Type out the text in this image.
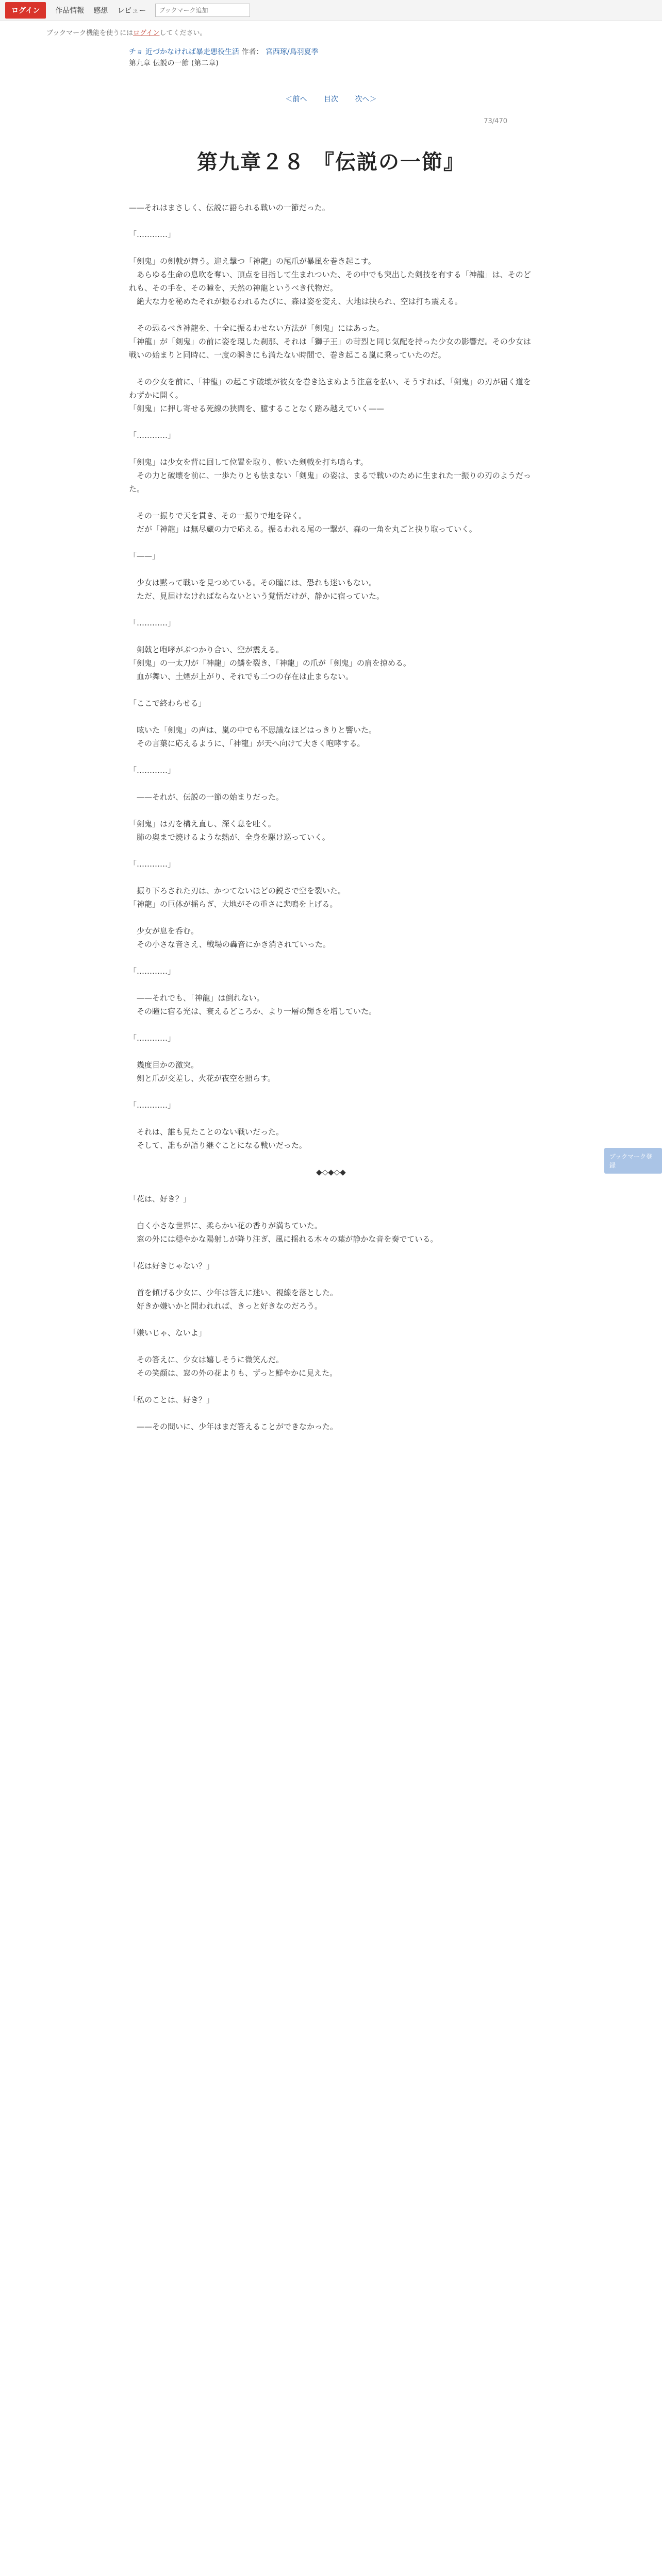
ログイン	作品情報 感想 レビュー
ブックマーク追加
ブックマーク機能を使うにはログインしてください。
チョ 近づかなければ暴走悪役生活 作者： 宮西琢/鳥羽夏季
第九章 伝説の一節 (第二章)
＜前へ 目次 次へ＞
73/470
第九章２８ 『伝説の一節』

——それはまさしく、伝説に語られる戦いの一節だった。

「…………」

「剣鬼」の剣戟が舞う。迎え撃つ「神龍」の尾爪が暴風を巻き起こす。

　あらゆる生命の息吹を奪い、頂点を目指して生まれついた、その中でも突出した剣技を有する「神龍」は、そのどれも、その手を、その瞳を、天然の神龍というべき代物だ。

　絶大な力を秘めたそれが振るわれるたびに、森は姿を変え、大地は抉られ、空は打ち震える。

　その恐るべき神龍を、十全に振るわせない方法が「剣鬼」にはあった。

「神龍」が「剣鬼」の前に姿を現した刹那、それは「獅子王」の苛烈と同じ気配を持った少女の影響だ。その少女は戦いの始まりと同時に、一度の瞬きにも満たない時間で、巻き起こる嵐に乗っていたのだ。

　その少女を前に、「神龍」の起こす破壊が彼女を巻き込まぬよう注意を払い、そうすれば、「剣鬼」の刃が届く道をわずかに開く。

「剣鬼」に押し寄せる死線の狭間を、臆することなく踏み越えていく——

「…………」

「剣鬼」は少女を背に回して位置を取り、乾いた剣戟を打ち鳴らす。

　その力と破壊を前に、一歩たりとも怯まない「剣鬼」の姿は、まるで戦いのために生まれた一振りの刃のようだった。

　その一振りで天を貫き、その一振りで地を砕く。

　だが「神龍」は無尽蔵の力で応える。振るわれる尾の一撃が、森の一角を丸ごと抉り取っていく。

「——」

　少女は黙って戦いを見つめている。その瞳には、恐れも迷いもない。

　ただ、見届けなければならないという覚悟だけが、静かに宿っていた。

「…………」

　剣戟と咆哮がぶつかり合い、空が震える。

「剣鬼」の一太刀が「神龍」の鱗を裂き、「神龍」の爪が「剣鬼」の肩を掠める。

　血が舞い、土煙が上がり、それでも二つの存在は止まらない。

「ここで終わらせる」

　呟いた「剣鬼」の声は、嵐の中でも不思議なほどはっきりと響いた。

　その言葉に応えるように、「神龍」が天へ向けて大きく咆哮する。

「…………」

　——それが、伝説の一節の始まりだった。

「剣鬼」は刃を構え直し、深く息を吐く。

　肺の奥まで焼けるような熱が、全身を駆け巡っていく。

「…………」

　振り下ろされた刃は、かつてないほどの鋭さで空を裂いた。

「神龍」の巨体が揺らぎ、大地がその重さに悲鳴を上げる。

　少女が息を呑む。

　その小さな音さえ、戦場の轟音にかき消されていった。

「…………」

　——それでも、「神龍」は倒れない。

　その瞳に宿る光は、衰えるどころか、より一層の輝きを増していた。

「…………」

　幾度目かの激突。

　剣と爪が交差し、火花が夜空を照らす。

「…………」

　それは、誰も見たことのない戦いだった。

　そして、誰もが語り継ぐことになる戦いだった。

◆◇◆◇◆

「花は、好き？」

　白く小さな世界に、柔らかい花の香りが満ちていた。

　窓の外には穏やかな陽射しが降り注ぎ、風に揺れる木々の葉が静かな音を奏でている。

「花は好きじゃない？」

　首を傾げる少女に、少年は答えに迷い、視線を落とした。

　好きか嫌いかと問われれば、きっと好きなのだろう。

「嫌いじゃ、ないよ」

　その答えに、少女は嬉しそうに微笑んだ。

　その笑顔は、窓の外の花よりも、ずっと鮮やかに見えた。

「私のことは、好き？」

　——その問いに、少年はまだ答えることができなかった。

ブックマーク登録
